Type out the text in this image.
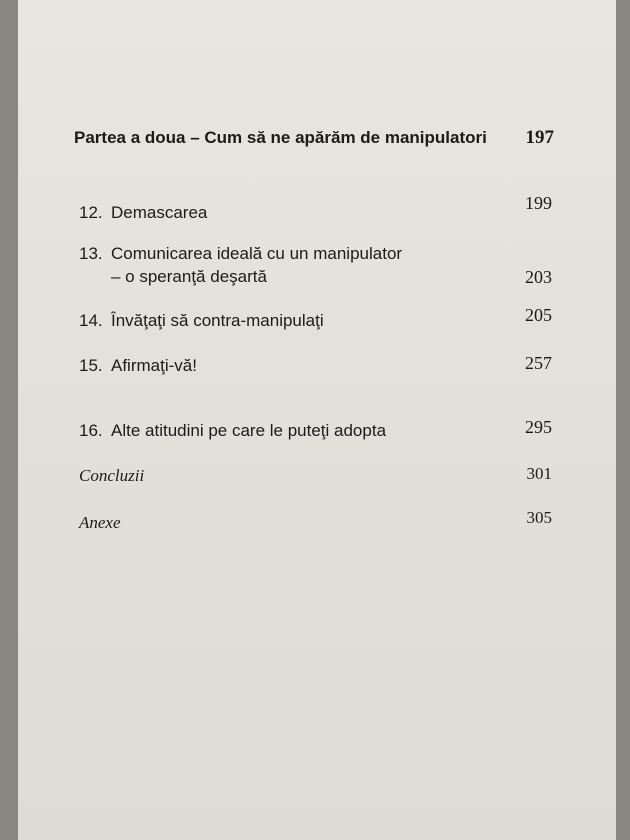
⠀
Partea a doua – Cum să ne apărăm de manipulatori 197
12. Demascarea	199
13. Comunicarea ideală cu un manipulator
– o speranţă deşartă	203
14. Învăţaţi să contra-manipulaţi	205
15. Afirmaţi-vă!	257
16. Alte atitudini pe care le puteţi adopta	295
Concluzii	301
Anexe	305
